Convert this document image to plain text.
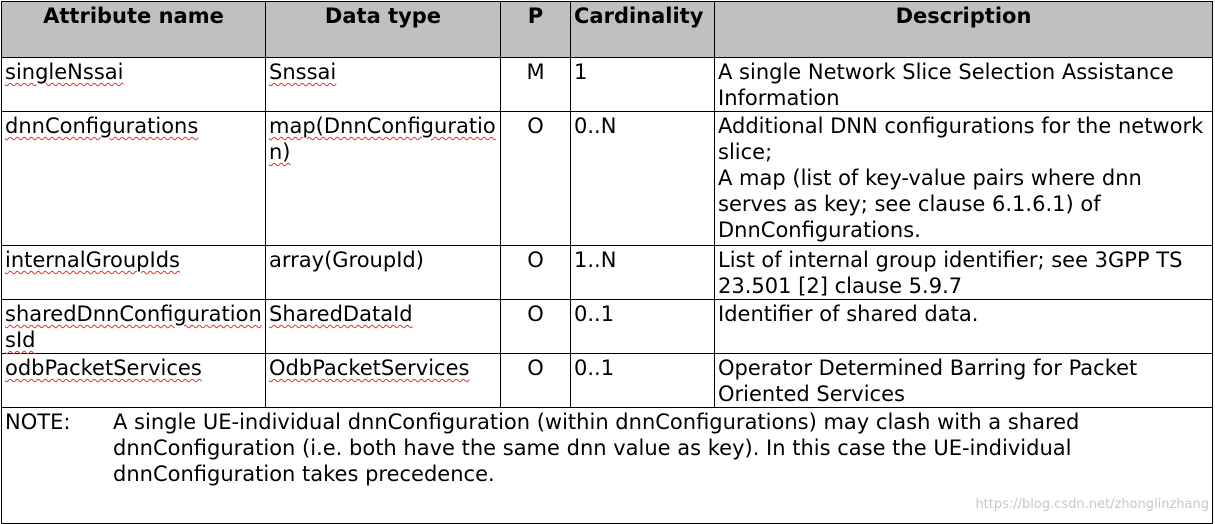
Attribute name	Data type	P	Cardinality	Description
singleNssai	Snssai	M	1	A single Network Slice Selection Assistance Information

dnnConfigurations	map(DnnConfiguration)	O	0..N	Additional DNN configurations for the network slice;
A map (list of key-value pairs where dnn serves as key; see clause 6.1.6.1) of DnnConfigurations.

internalGroupIds	array(GroupId)	O	1..N	List of internal group identifier; see 3GPP TS 23.501 [2] clause 5.9.7

sharedDnnConfigurationsId	SharedDataId	O	0..1	Identifier of shared data.

odbPacketServices	OdbPacketServices	O	0..1	Operator Determined Barring for Packet Oriented Services

NOTE: A single UE-individual dnnConfiguration (within dnnConfigurations) may clash with a shared dnnConfiguration (i.e. both have the same dnn value as key). In this case the UE-individual dnnConfiguration takes precedence.				
https://blog.csdn.net/zhonglinzhang
